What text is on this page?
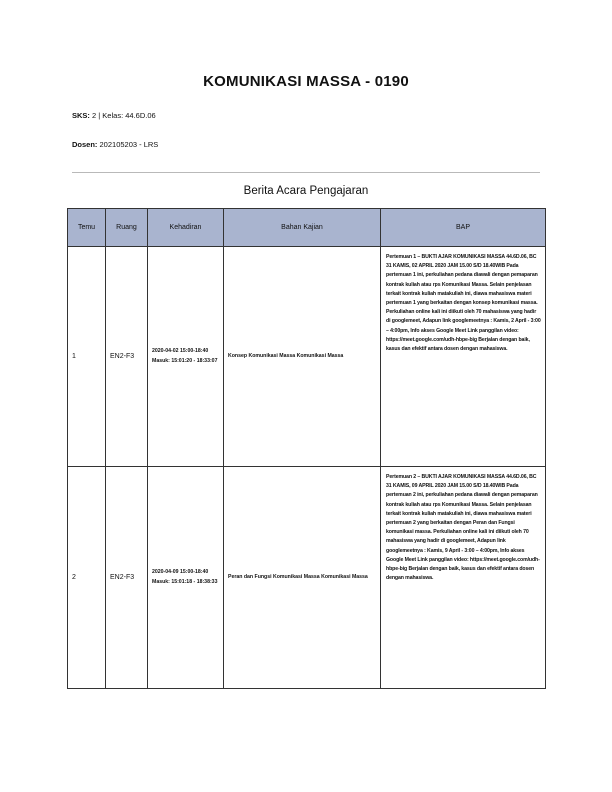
KOMUNIKASI MASSA - 0190
SKS: 2 | Kelas: 44.6D.06
Dosen: 202105203 - LRS
Berita Acara Pengajaran
Temu	Ruang	Kehadiran	Bahan Kajian	BAP
1	EN2-F3	2020-04-02 15:00-18:40 Masuk: 15:01:20 - 18:33:07	Konsep Komunikasi Massa Komunikasi Massa	Pertemuan 1 – BUKTI AJAR KOMUNIKASI MASSA 44.6D.06, BC 31 KAMIS, 02 APRIL 2020 JAM 15.00 S/D 18.40WIB Pada pertemuan 1 ini, perkuliahan pedana diawali dengan pemaparan kontrak kuliah atau rps Komunikasi Massa. Selain penjelasan terkait kontrak kuliah matakuliah ini, diawa mahasiswa materi pertemuan 1 yang berkaitan dengan konsep komunikasi massa. Perkuliahan online kali ini diikuti oleh 70 mahasiswa yang hadir di googlemeet, Adapun link googlemeetnya : Kamis, 2 April - 3:00 – 4:00pm, Info akses Google Meet Link panggilan video: https://meet.google.com/udh-hbpe-big Berjalan dengan baik, kasus dan efektif antara dosen dengan mahasiswa.
2	EN2-F3	2020-04-09 15:00-18:40 Masuk: 15:01:18 - 18:38:33	Peran dan Fungsi Komunikasi Massa Komunikasi Massa	Pertemuan 2 – BUKTI AJAR KOMUNIKASI MASSA 44.6D.06, BC 31 KAMIS, 09 APRIL 2020 JAM 15.00 S/D 18.40WIB Pada pertemuan 2 ini, perkuliahan pedana diawali dengan pemaparan kontrak kuliah atau rps Komunikasi Massa. Selain penjelasan terkait kontrak kuliah matakuliah ini, diawa mahasiswa materi pertemuan 2 yang berkaitan dengan Peran dan Fungsi komunikasi massa. Perkuliahan online kali ini diikuti oleh 70 mahasiswa yang hadir di googlemeet, Adapun link googlemeetnya : Kamis, 9 April - 3:00 – 4:00pm, Info akses Google Meet Link panggilan video: https://meet.google.com/udh-hbpe-big Berjalan dengan baik, kasus dan efektif antara dosen dengan mahasiswa.
